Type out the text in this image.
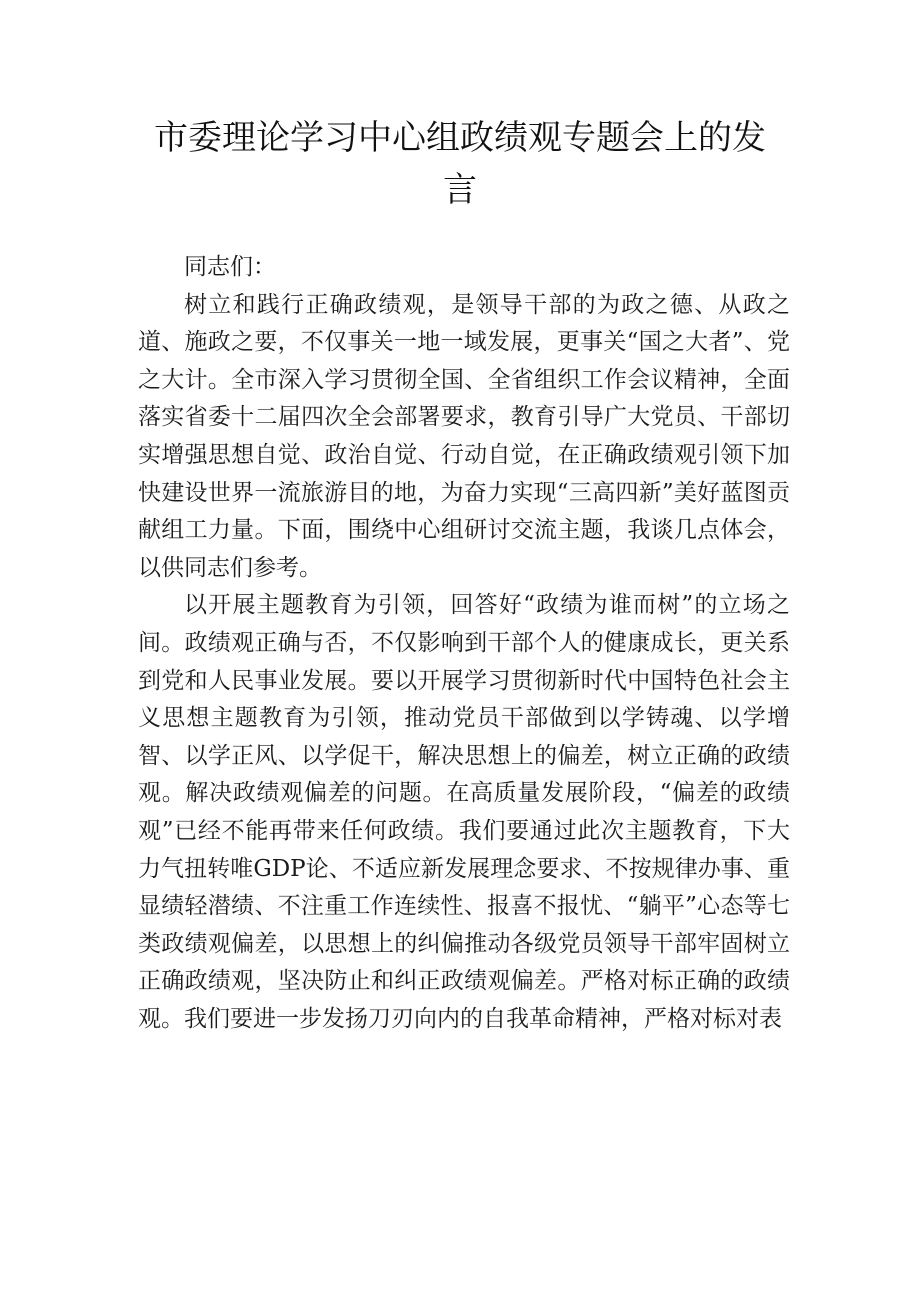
市委理论学习中心组政绩观专题会上的发言

同志们：

树立和践行正确政绩观，是领导干部的为政之德、从政之道、施政之要，不仅事关一地一域发展，更事关“国之大者”、党之大计。全市深入学习贯彻全国、全省组织工作会议精神，全面落实省委十二届四次全会部署要求，教育引导广大党员、干部切实增强思想自觉、政治自觉、行动自觉，在正确政绩观引领下加快建设世界一流旅游目的地，为奋力实现“三高四新”美好蓝图贡献组工力量。下面，围绕中心组研讨交流主题，我谈几点体会，以供同志们参考。

以开展主题教育为引领，回答好“政绩为谁而树”的立场之间。政绩观正确与否，不仅影响到干部个人的健康成长，更关系到党和人民事业发展。要以开展学习贯彻新时代中国特色社会主义思想主题教育为引领，推动党员干部做到以学铸魂、以学增智、以学正风、以学促干，解决思想上的偏差，树立正确的政绩观。解决政绩观偏差的问题。在高质量发展阶段，“偏差的政绩观”已经不能再带来任何政绩。我们要通过此次主题教育，下大力气扭转唯GDP论、不适应新发展理念要求、不按规律办事、重显绩轻潜绩、不注重工作连续性、报喜不报忧、“躺平”心态等七类政绩观偏差，以思想上的纠偏推动各级党员领导干部牢固树立正确政绩观，坚决防止和纠正政绩观偏差。严格对标正确的政绩观。我们要进一步发扬刀刃向内的自我革命精神，严格对标对表
